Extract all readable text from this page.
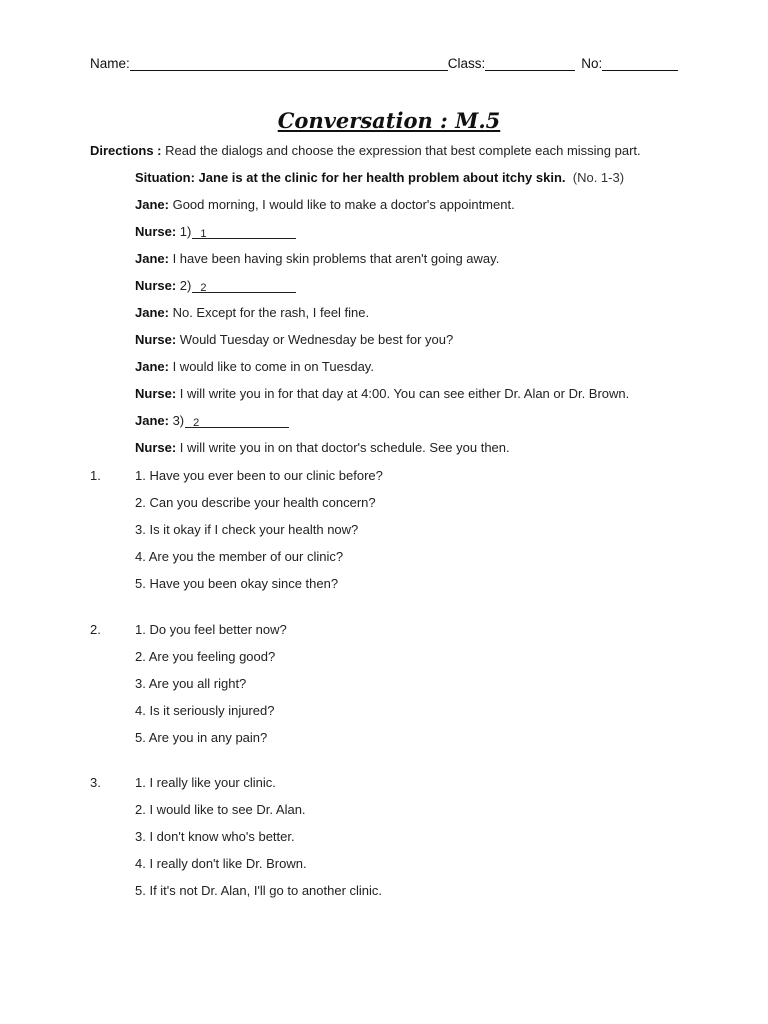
Name:	Class:	No:
Conversation : M.5
Directions : Read the dialogs and choose the expression that best complete each missing part.
Situation: Jane is at the clinic for her health problem about itchy skin. (No. 1-3)
Jane: Good morning, I would like to make a doctor's appointment.
Nurse: 1) 1
Jane: I have been having skin problems that aren't going away.
Nurse: 2) 2
Jane: No. Except for the rash, I feel fine.
Nurse: Would Tuesday or Wednesday be best for you?
Jane: I would like to come in on Tuesday.
Nurse: I will write you in for that day at 4:00. You can see either Dr. Alan or Dr. Brown.
Jane: 3) 2
Nurse: I will write you in on that doctor's schedule. See you then.
1.	1. Have you ever been to our clinic before?
2. Can you describe your health concern?
3. Is it okay if I check your health now?
4. Are you the member of our clinic?
5. Have you been okay since then?
2.	1. Do you feel better now?
2. Are you feeling good?
3. Are you all right?
4. Is it seriously injured?
5. Are you in any pain?
3.	1. I really like your clinic.
2. I would like to see Dr. Alan.
3. I don't know who's better.
4. I really don't like Dr. Brown.
5. If it's not Dr. Alan, I'll go to another clinic.
